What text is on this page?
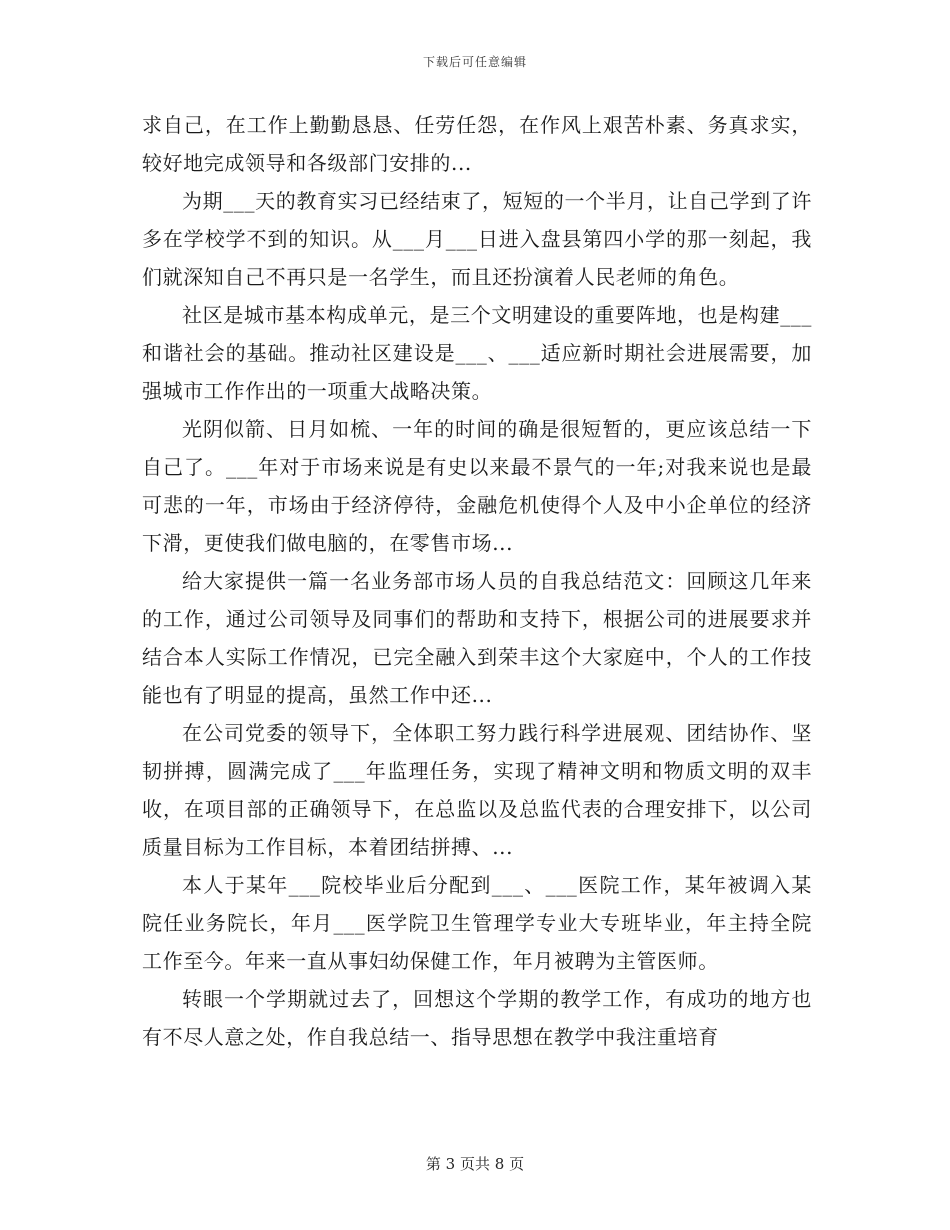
下载后可任意编辑

求自己，在工作上勤勤恳恳、任劳任怨，在作风上艰苦朴素、务真求实，较好地完成领导和各级部门安排的...

为期___天的教育实习已经结束了，短短的一个半月，让自己学到了许多在学校学不到的知识。从___月___日进入盘县第四小学的那一刻起，我们就深知自己不再只是一名学生，而且还扮演着人民老师的角色。

社区是城市基本构成单元，是三个文明建设的重要阵地，也是构建___和谐社会的基础。推动社区建设是___、___适应新时期社会进展需要，加强城市工作作出的一项重大战略决策。

光阴似箭、日月如梳、一年的时间的确是很短暂的，更应该总结一下自己了。___年对于市场来说是有史以来最不景气的一年;对我来说也是最可悲的一年，市场由于经济停待，金融危机使得个人及中小企单位的经济下滑，更使我们做电脑的，在零售市场...

给大家提供一篇一名业务部市场人员的自我总结范文：回顾这几年来的工作，通过公司领导及同事们的帮助和支持下，根据公司的进展要求并结合本人实际工作情况，已完全融入到荣丰这个大家庭中，个人的工作技能也有了明显的提高，虽然工作中还...

在公司党委的领导下，全体职工努力践行科学进展观、团结协作、坚韧拼搏，圆满完成了___年监理任务，实现了精神文明和物质文明的双丰收，在项目部的正确领导下，在总监以及总监代表的合理安排下，以公司质量目标为工作目标，本着团结拼搏、...

本人于某年___院校毕业后分配到___、___医院工作，某年被调入某院任业务院长，年月___医学院卫生管理学专业大专班毕业，年主持全院工作至今。年来一直从事妇幼保健工作，年月被聘为主管医师。

转眼一个学期就过去了，回想这个学期的教学工作，有成功的地方也有不尽人意之处，作自我总结一、指导思想在教学中我注重培育

第 3 页共 8 页
